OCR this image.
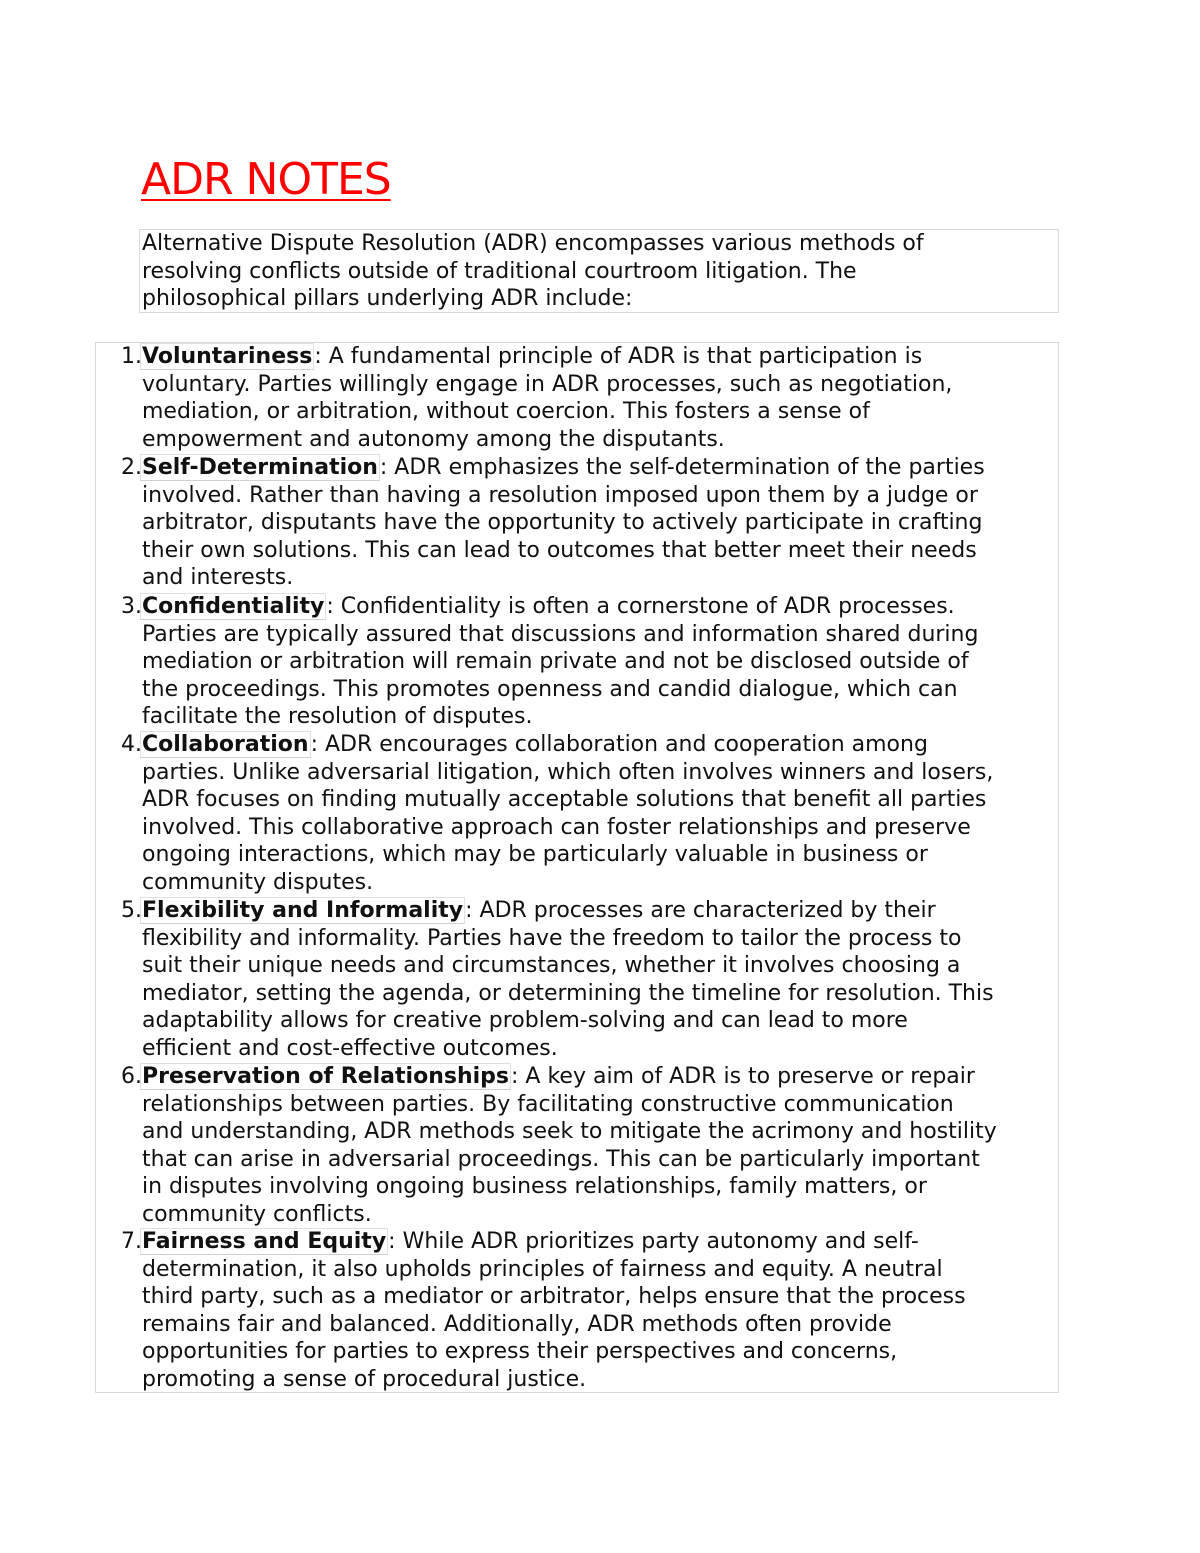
ADR NOTES
Alternative Dispute Resolution (ADR) encompasses various methods of
resolving conflicts outside of traditional courtroom litigation. The
philosophical pillars underlying ADR include:
1. Voluntariness: A fundamental principle of ADR is that participation is
voluntary. Parties willingly engage in ADR processes, such as negotiation,
mediation, or arbitration, without coercion. This fosters a sense of
empowerment and autonomy among the disputants.
2. Self-Determination: ADR emphasizes the self-determination of the parties
involved. Rather than having a resolution imposed upon them by a judge or
arbitrator, disputants have the opportunity to actively participate in crafting
their own solutions. This can lead to outcomes that better meet their needs
and interests.
3. Confidentiality: Confidentiality is often a cornerstone of ADR processes.
Parties are typically assured that discussions and information shared during
mediation or arbitration will remain private and not be disclosed outside of
the proceedings. This promotes openness and candid dialogue, which can
facilitate the resolution of disputes.
4. Collaboration: ADR encourages collaboration and cooperation among
parties. Unlike adversarial litigation, which often involves winners and losers,
ADR focuses on finding mutually acceptable solutions that benefit all parties
involved. This collaborative approach can foster relationships and preserve
ongoing interactions, which may be particularly valuable in business or
community disputes.
5. Flexibility and Informality: ADR processes are characterized by their
flexibility and informality. Parties have the freedom to tailor the process to
suit their unique needs and circumstances, whether it involves choosing a
mediator, setting the agenda, or determining the timeline for resolution. This
adaptability allows for creative problem-solving and can lead to more
efficient and cost-effective outcomes.
6. Preservation of Relationships: A key aim of ADR is to preserve or repair
relationships between parties. By facilitating constructive communication
and understanding, ADR methods seek to mitigate the acrimony and hostility
that can arise in adversarial proceedings. This can be particularly important
in disputes involving ongoing business relationships, family matters, or
community conflicts.
7. Fairness and Equity: While ADR prioritizes party autonomy and self-
determination, it also upholds principles of fairness and equity. A neutral
third party, such as a mediator or arbitrator, helps ensure that the process
remains fair and balanced. Additionally, ADR methods often provide
opportunities for parties to express their perspectives and concerns,
promoting a sense of procedural justice.
